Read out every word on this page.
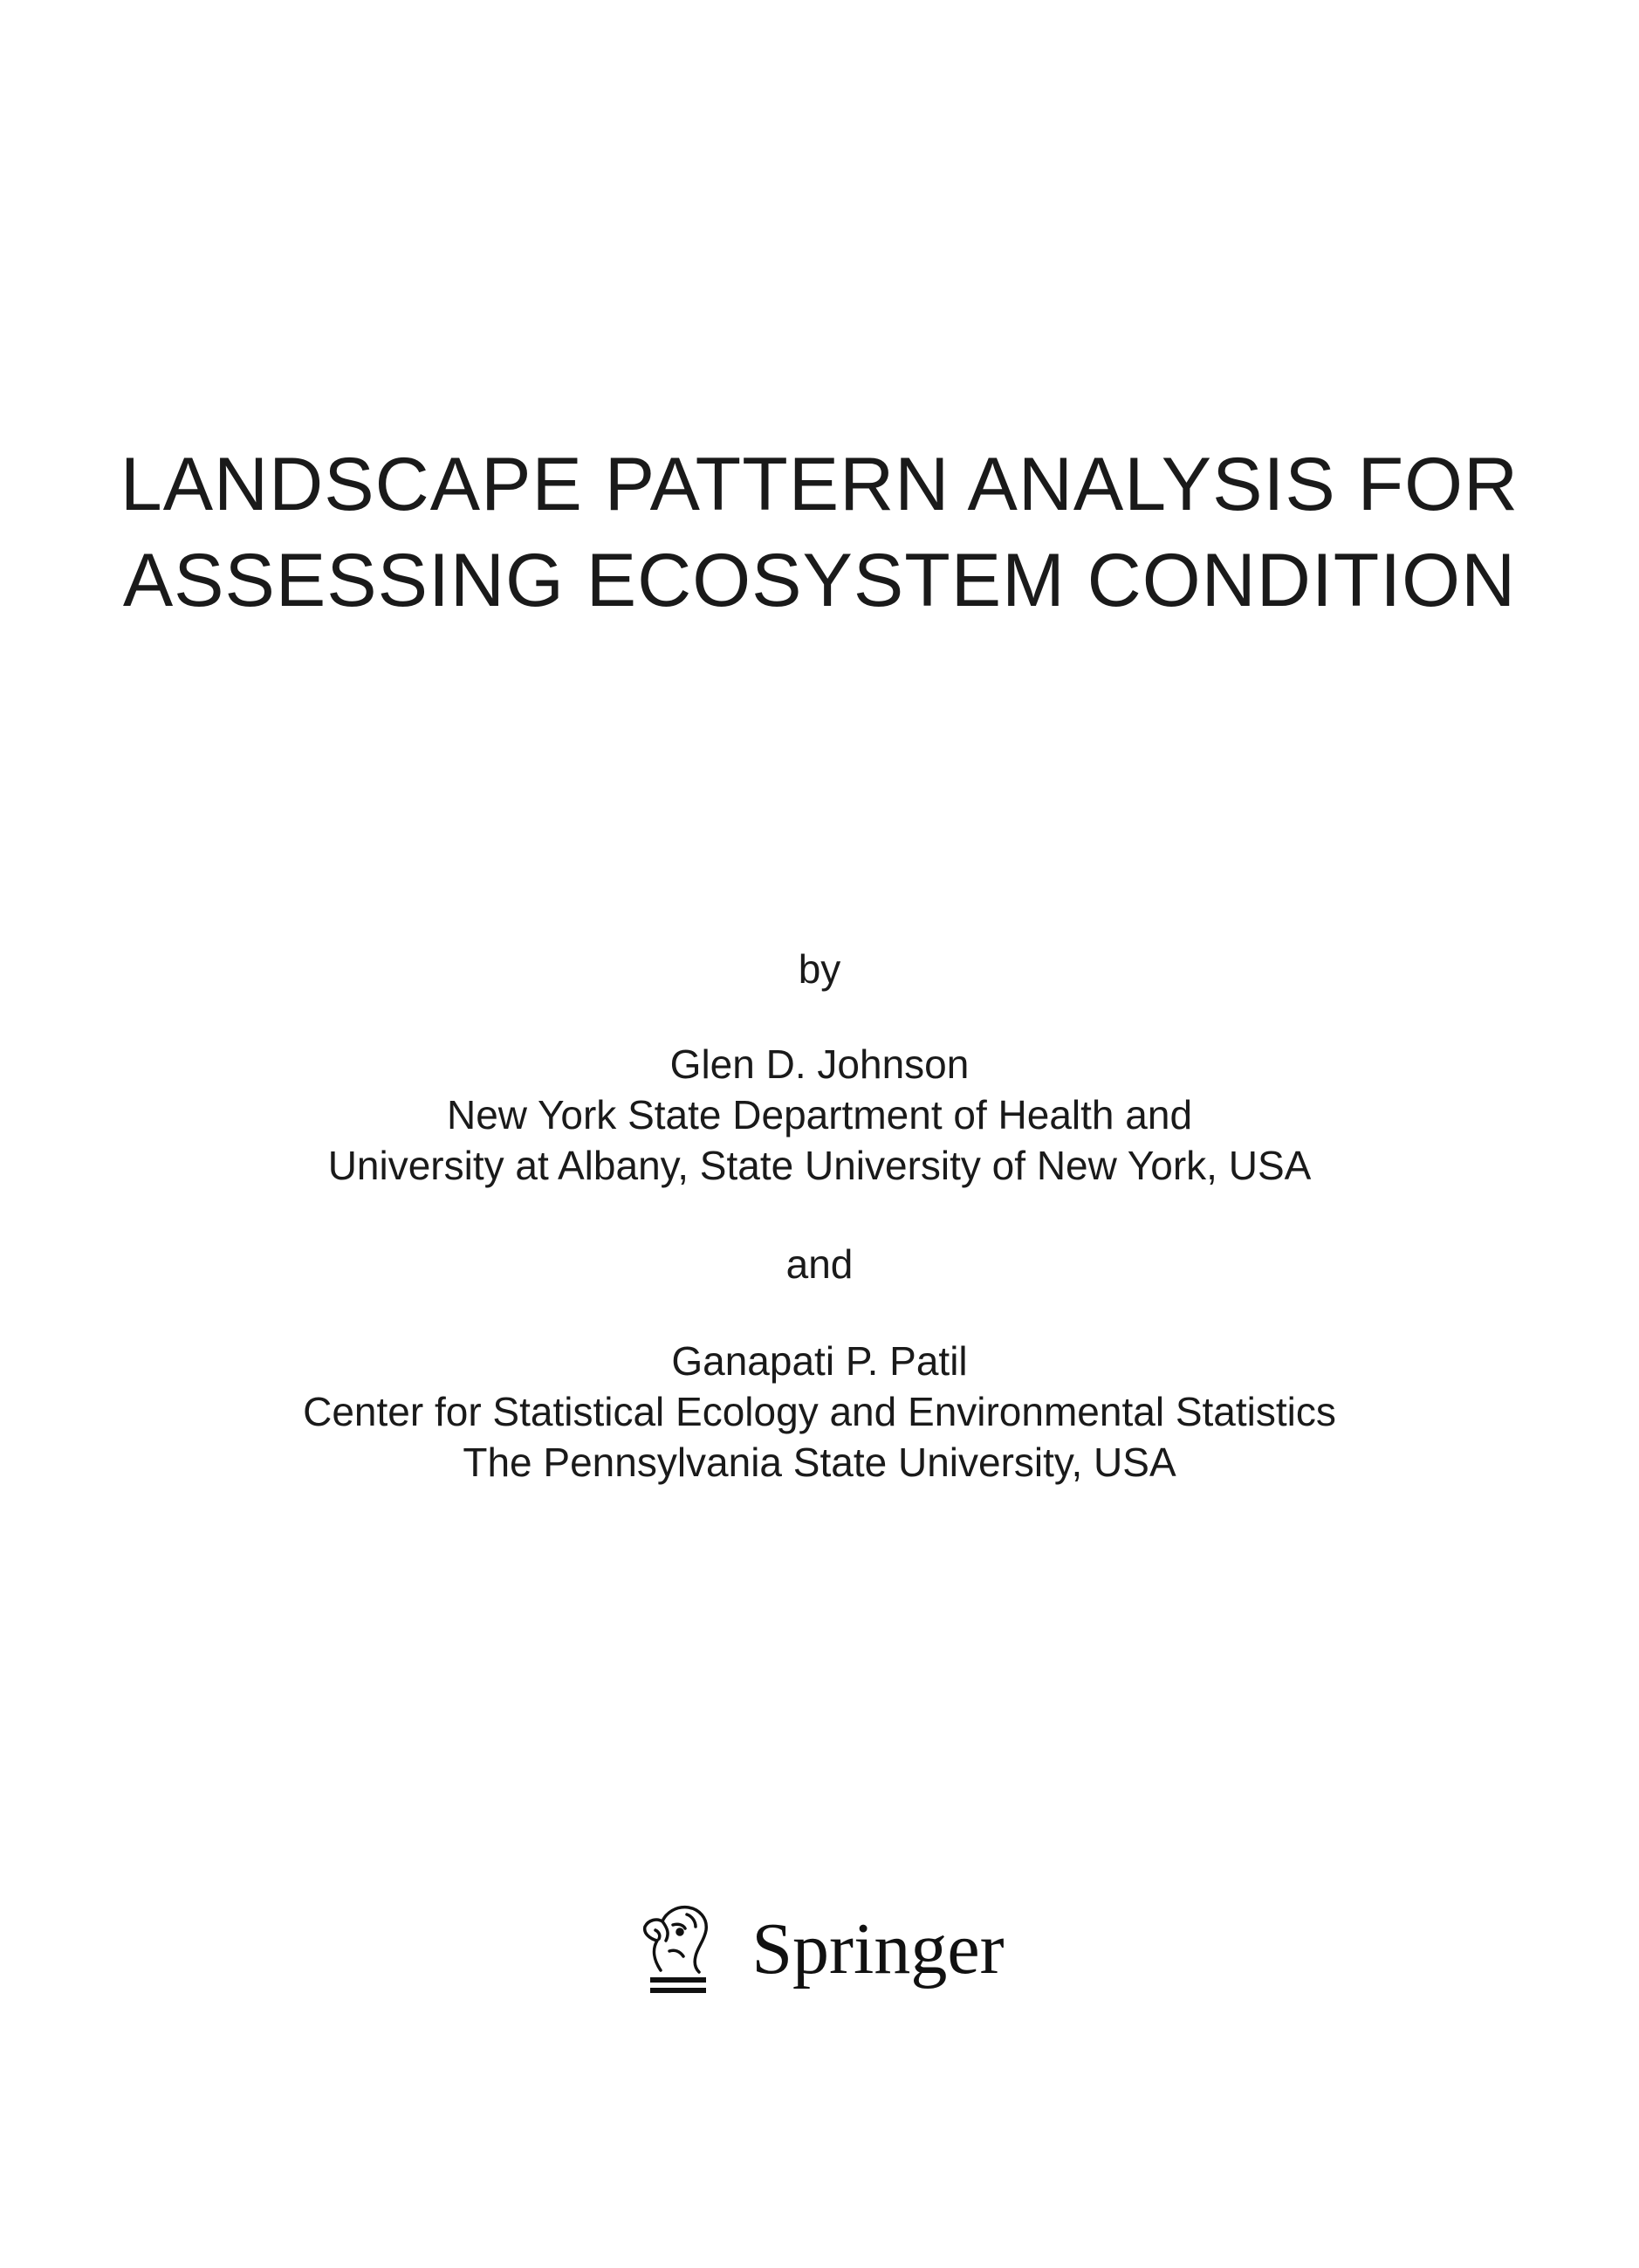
LANDSCAPE PATTERN ANALYSIS FOR
ASSESSING ECOSYSTEM CONDITION
by
Glen D. Johnson
New York State Department of Health and
University at Albany, State University of New York, USA
and
Ganapati P. Patil
Center for Statistical Ecology and Environmental Statistics
The Pennsylvania State University, USA
Springer
